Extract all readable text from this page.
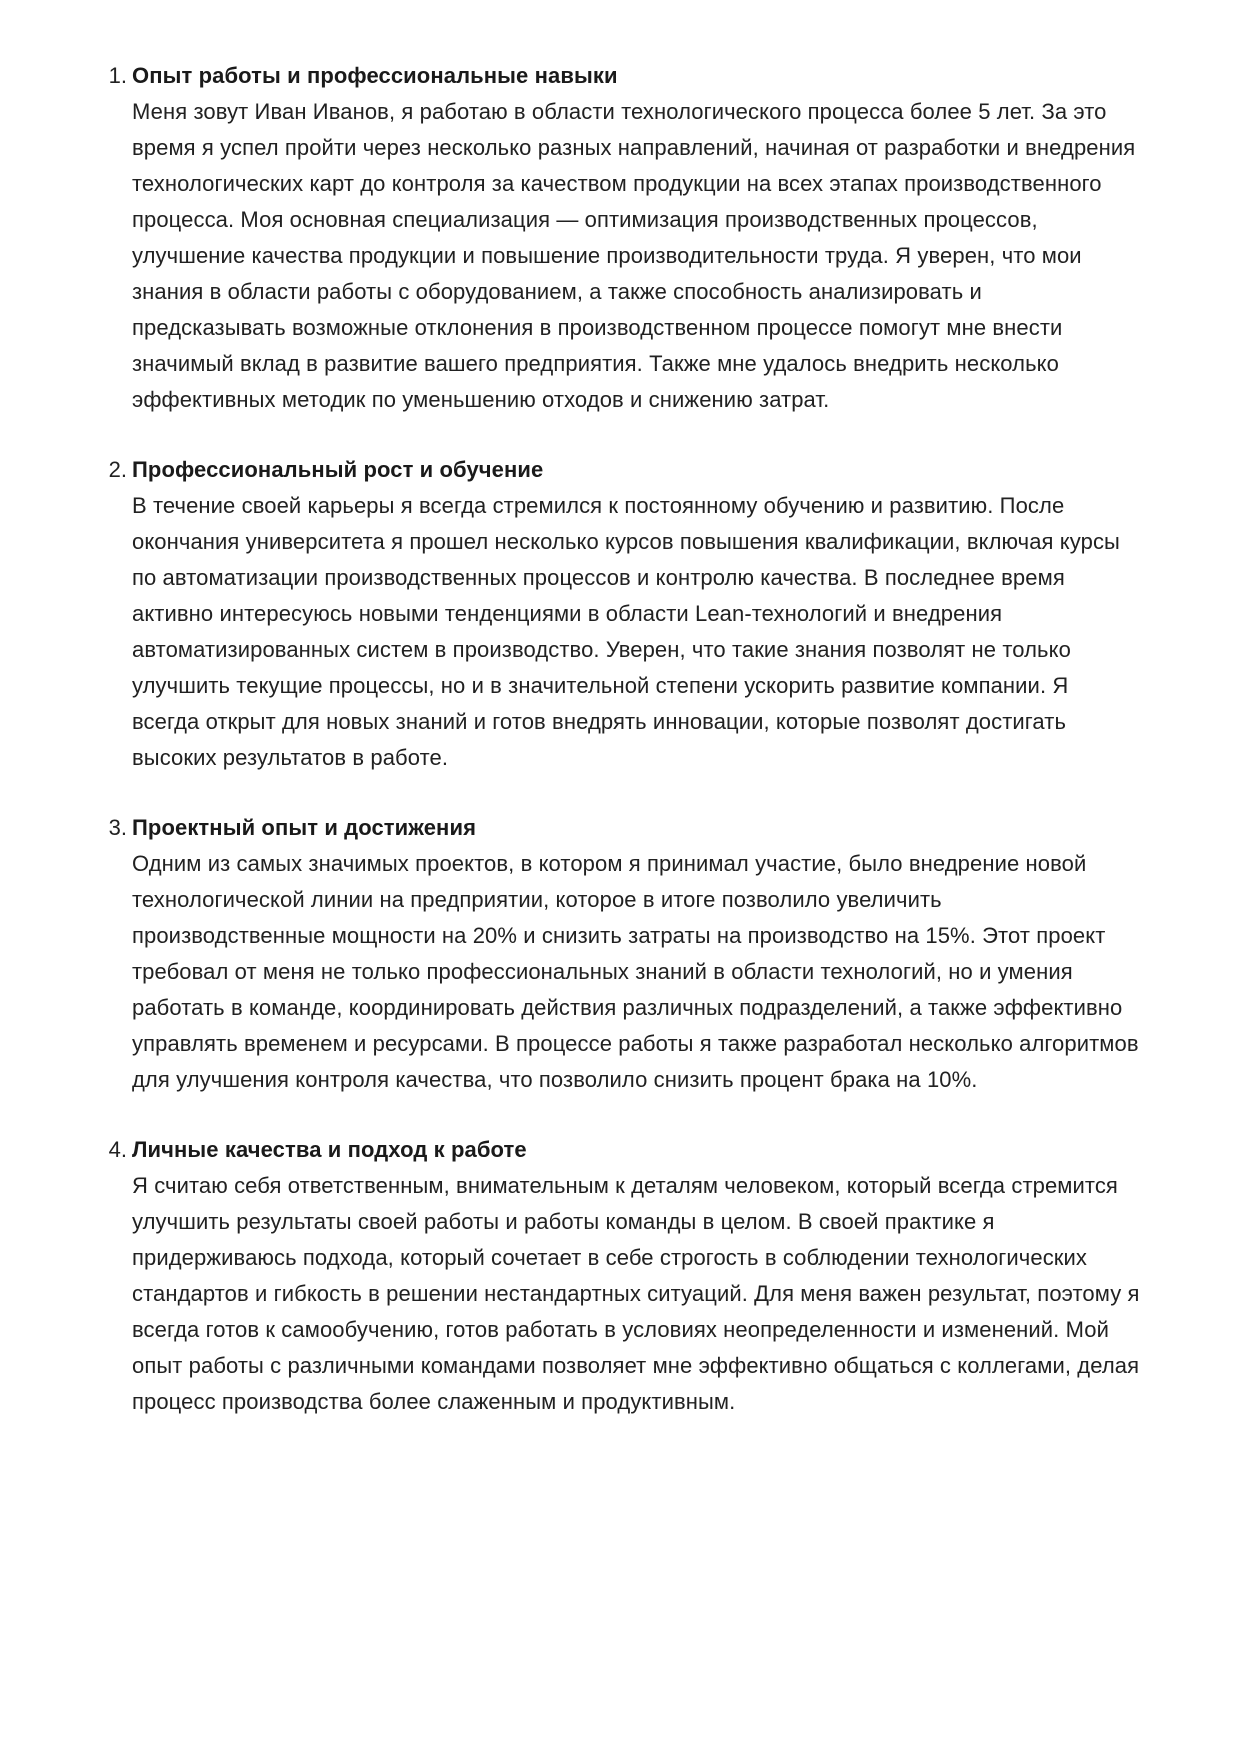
1. Опыт работы и профессиональные навыки

Меня зовут Иван Иванов, я работаю в области технологического процесса более 5 лет. За это время я успел пройти через несколько разных направлений, начиная от разработки и внедрения технологических карт до контроля за качеством продукции на всех этапах производственного процесса. Моя основная специализация — оптимизация производственных процессов, улучшение качества продукции и повышение производительности труда. Я уверен, что мои знания в области работы с оборудованием, а также способность анализировать и предсказывать возможные отклонения в производственном процессе помогут мне внести значимый вклад в развитие вашего предприятия. Также мне удалось внедрить несколько эффективных методик по уменьшению отходов и снижению затрат.

2. Профессиональный рост и обучение

В течение своей карьеры я всегда стремился к постоянному обучению и развитию. После окончания университета я прошел несколько курсов повышения квалификации, включая курсы по автоматизации производственных процессов и контролю качества. В последнее время активно интересуюсь новыми тенденциями в области Lean-технологий и внедрения автоматизированных систем в производство. Уверен, что такие знания позволят не только улучшить текущие процессы, но и в значительной степени ускорить развитие компании. Я всегда открыт для новых знаний и готов внедрять инновации, которые позволят достигать высоких результатов в работе.

3. Проектный опыт и достижения

Одним из самых значимых проектов, в котором я принимал участие, было внедрение новой технологической линии на предприятии, которое в итоге позволило увеличить производственные мощности на 20% и снизить затраты на производство на 15%. Этот проект требовал от меня не только профессиональных знаний в области технологий, но и умения работать в команде, координировать действия различных подразделений, а также эффективно управлять временем и ресурсами. В процессе работы я также разработал несколько алгоритмов для улучшения контроля качества, что позволило снизить процент брака на 10%.

4. Личные качества и подход к работе

Я считаю себя ответственным, внимательным к деталям человеком, который всегда стремится улучшить результаты своей работы и работы команды в целом. В своей практике я придерживаюсь подхода, который сочетает в себе строгость в соблюдении технологических стандартов и гибкость в решении нестандартных ситуаций. Для меня важен результат, поэтому я всегда готов к самообучению, готов работать в условиях неопределенности и изменений. Мой опыт работы с различными командами позволяет мне эффективно общаться с коллегами, делая процесс производства более слаженным и продуктивным.
